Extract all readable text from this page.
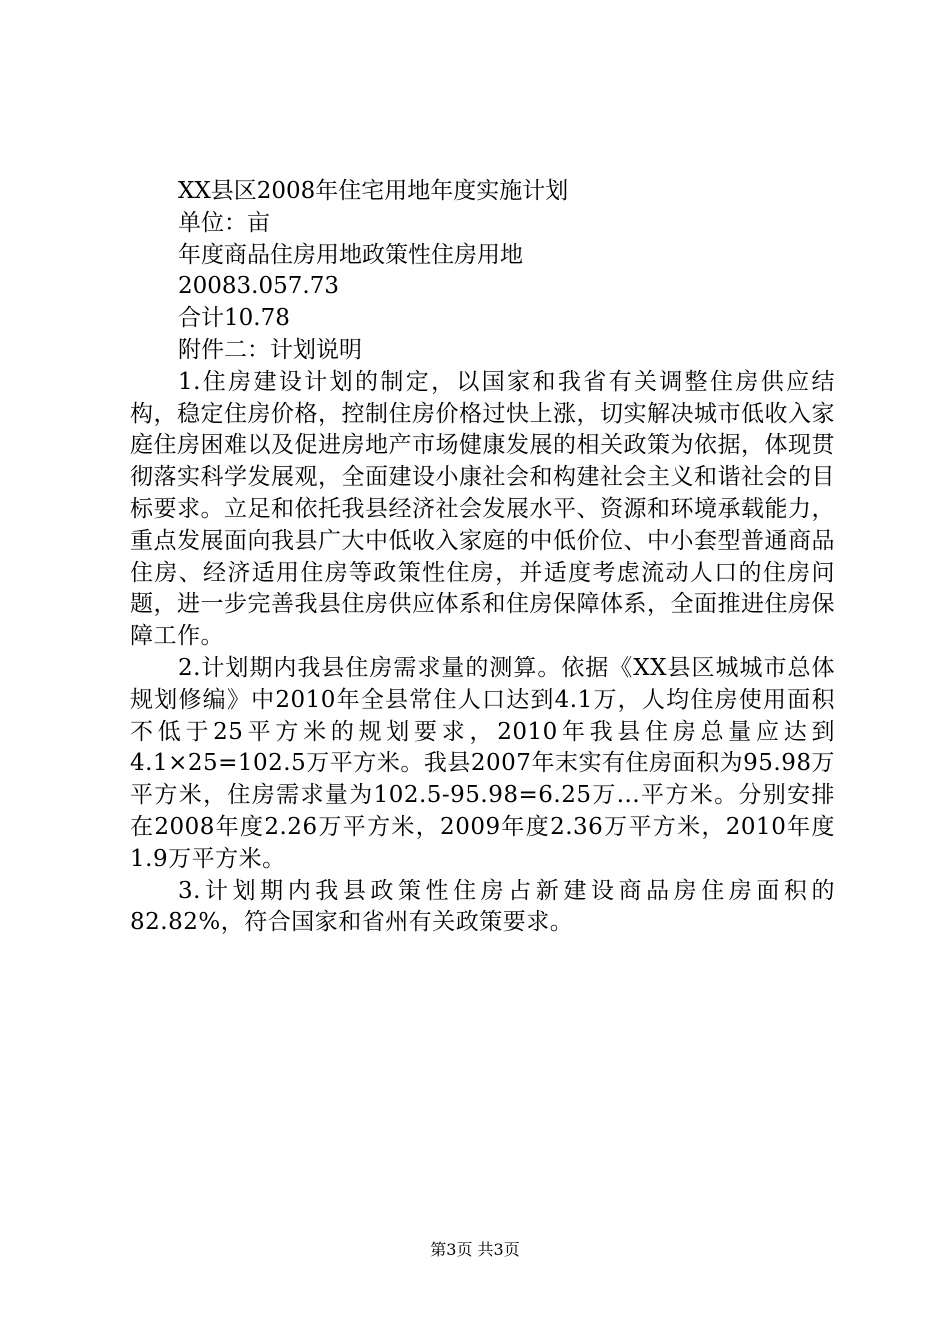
XX县区2008年住宅用地年度实施计划

单位：亩

年度商品住房用地政策性住房用地

20083.057.73

合计10.78

附件二：计划说明

1.住房建设计划的制定，以国家和我省有关调整住房供应结构，稳定住房价格，控制住房价格过快上涨，切实解决城市低收入家庭住房困难以及促进房地产市场健康发展的相关政策为依据，体现贯彻落实科学发展观，全面建设小康社会和构建社会主义和谐社会的目标要求。立足和依托我县经济社会发展水平、资源和环境承载能力，重点发展面向我县广大中低收入家庭的中低价位、中小套型普通商品住房、经济适用住房等政策性住房，并适度考虑流动人口的住房问题，进一步完善我县住房供应体系和住房保障体系，全面推进住房保障工作。

2.计划期内我县住房需求量的测算。依据《XX县区城城市总体规划修编》中2010年全县常住人口达到4.1万，人均住房使用面积不低于25平方米的规划要求，2010年我县住房总量应达到4.1×25=102.5万平方米。我县2007年末实有住房面积为95.98万平方米，住房需求量为102.5-95.98=6.25万...平方米。分别安排在2008年度2.26万平方米，2009年度2.36万平方米，2010年度1.9万平方米。

3.计划期内我县政策性住房占新建设商品房住房面积的82.82%，符合国家和省州有关政策要求。

第3页 共3页
